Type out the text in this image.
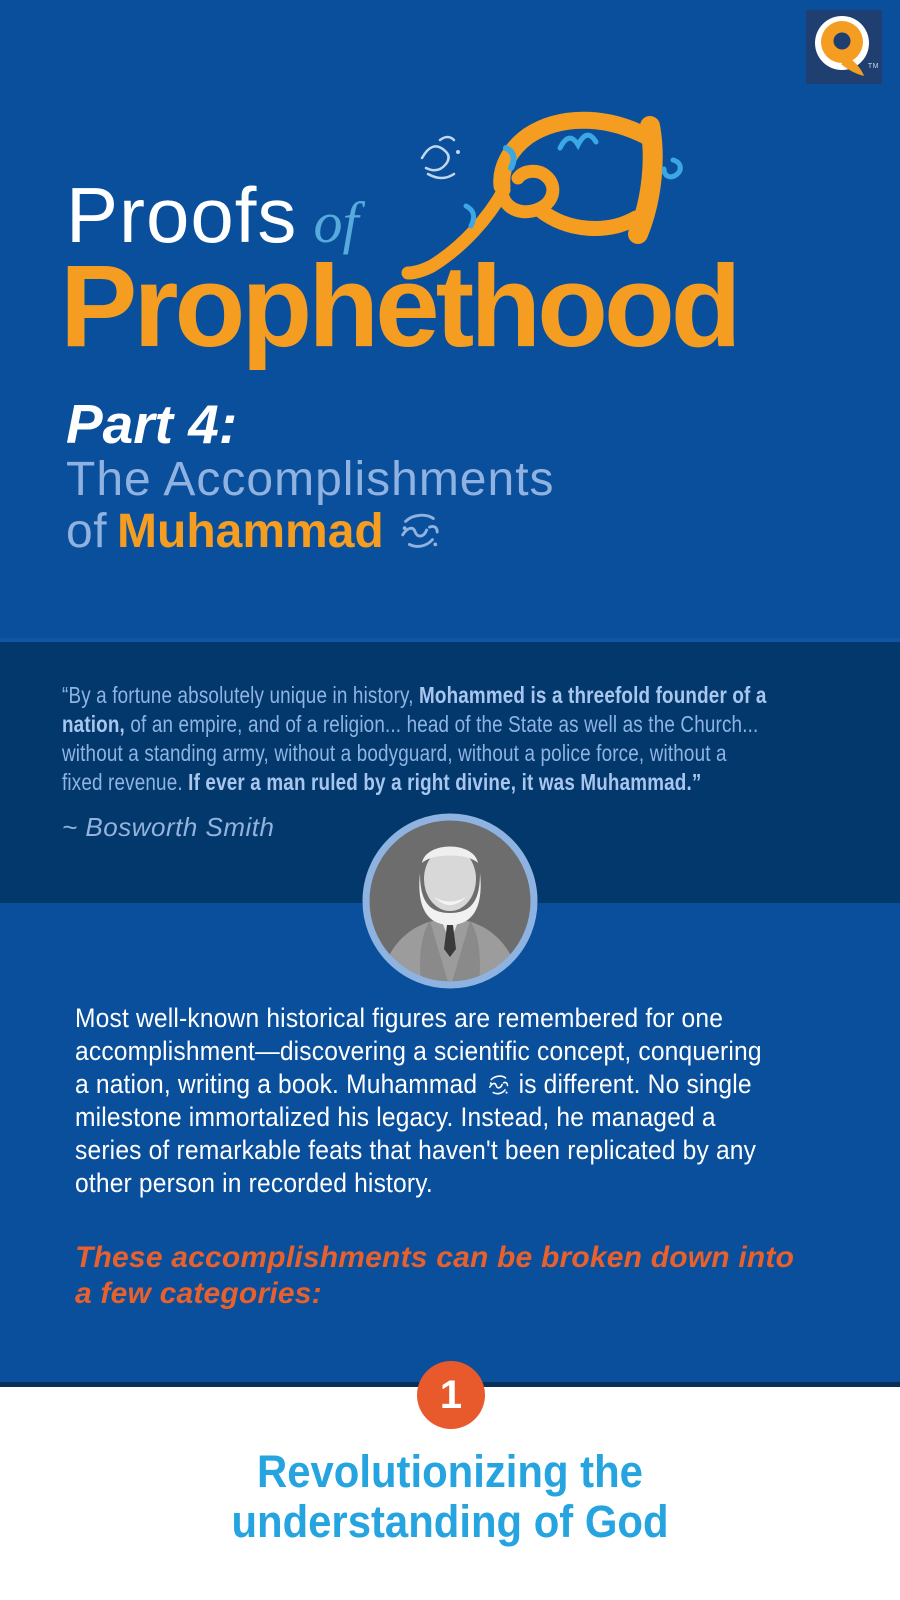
TM
Proofs of
Prophethood
Part 4:
The Accomplishments
of Muhammad
“By a fortune absolutely unique in history, Mohammed is a threefold founder of a
nation, of an empire, and of a religion... head of the State as well as the Church...
without a standing army, without a bodyguard, without a police force, without a
fixed revenue. If ever a man ruled by a right divine, it was Muhammad.”
~ Bosworth Smith
Most well-known historical figures are remembered for one
accomplishment—discovering a scientific concept, conquering
a nation, writing a book. Muhammad is different. No single
milestone immortalized his legacy. Instead, he managed a
series of remarkable feats that haven't been replicated by any
other person in recorded history.
These accomplishments can be broken down into
a few categories:
1
Revolutionizing the
understanding of God
